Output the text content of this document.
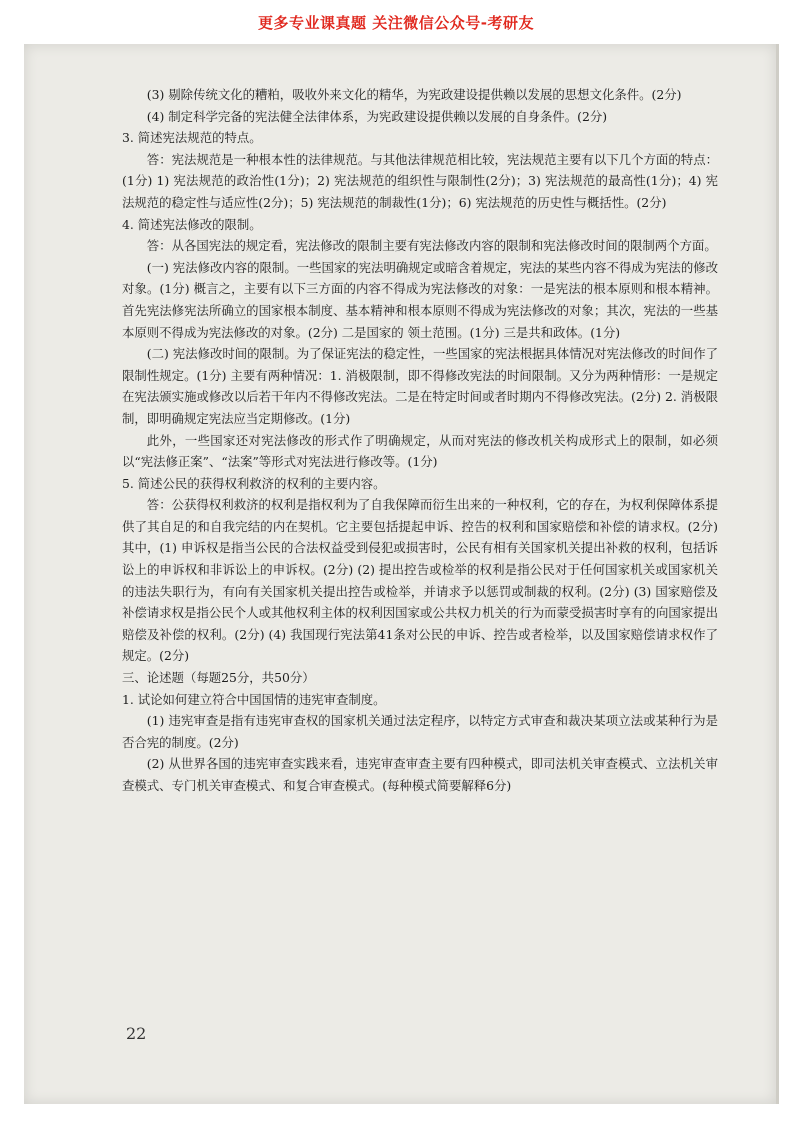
更多专业课真题 关注微信公众号-考研友

(3) 剔除传统文化的糟粕，吸收外来文化的精华，为宪政建设提供赖以发展的思想文化条件。(2分)

(4) 制定科学完备的宪法健全法律体系，为宪政建设提供赖以发展的自身条件。(2分)

3. 简述宪法规范的特点。

答：宪法规范是一种根本性的法律规范。与其他法律规范相比较，宪法规范主要有以下几个方面的特点：(1分) 1) 宪法规范的政治性(1分)；2) 宪法规范的组织性与限制性(2分)；3) 宪法规范的最高性(1分)；4) 宪法规范的稳定性与适应性(2分)；5) 宪法规范的制裁性(1分)；6) 宪法规范的历史性与概括性。(2分)

4. 简述宪法修改的限制。

答：从各国宪法的规定看，宪法修改的限制主要有宪法修改内容的限制和宪法修改时间的限制两个方面。

(一) 宪法修改内容的限制。一些国家的宪法明确规定或暗含着规定，宪法的某些内容不得成为宪法的修改对象。(1分) 概言之，主要有以下三方面的内容不得成为宪法修改的对象：一是宪法的根本原则和根本精神。首先宪法修宪法所确立的国家根本制度、基本精神和根本原则不得成为宪法修改的对象；其次，宪法的一些基本原则不得成为宪法修改的对象。(2分) 二是国家的 领土范围。(1分) 三是共和政体。(1分)

(二) 宪法修改时间的限制。为了保证宪法的稳定性，一些国家的宪法根据具体情况对宪法修改的时间作了限制性规定。(1分) 主要有两种情况：1. 消极限制，即不得修改宪法的时间限制。又分为两种情形：一是规定在宪法颁实施或修改以后若干年内不得修改宪法。二是在特定时间或者时期内不得修改宪法。(2分) 2. 消极限制，即明确规定宪法应当定期修改。(1分)

此外，一些国家还对宪法修改的形式作了明确规定，从而对宪法的修改机关构成形式上的限制，如必须以“宪法修正案”、“法案”等形式对宪法进行修改等。(1分)

5. 简述公民的获得权利救济的权利的主要内容。

答：公获得权利救济的权利是指权利为了自我保障而衍生出来的一种权利，它的存在，为权利保障体系提供了其自足的和自我完结的内在契机。它主要包括提起申诉、控告的权利和国家赔偿和补偿的请求权。(2分) 其中，(1) 申诉权是指当公民的合法权益受到侵犯或损害时，公民有相有关国家机关提出补救的权利，包括诉讼上的申诉权和非诉讼上的申诉权。(2分) (2) 提出控告或检举的权利是指公民对于任何国家机关或国家机关的违法失职行为，有向有关国家机关提出控告或检举，并请求予以惩罚或制裁的权利。(2分) (3) 国家赔偿及补偿请求权是指公民个人或其他权利主体的权利因国家或公共权力机关的行为而蒙受损害时享有的向国家提出赔偿及补偿的权利。(2分) (4) 我国现行宪法第41条对公民的申诉、控告或者检举，以及国家赔偿请求权作了规定。(2分)

三、论述题（每题25分，共50分）

1. 试论如何建立符合中国国情的违宪审查制度。

(1) 违宪审查是指有违宪审查权的国家机关通过法定程序，以特定方式审查和裁决某项立法或某种行为是否合宪的制度。(2分)

(2) 从世界各国的违宪审查实践来看，违宪审查审查主要有四种模式，即司法机关审查模式、立法机关审查模式、专门机关审查模式、和复合审查模式。(每种模式简要解释6分)

22
